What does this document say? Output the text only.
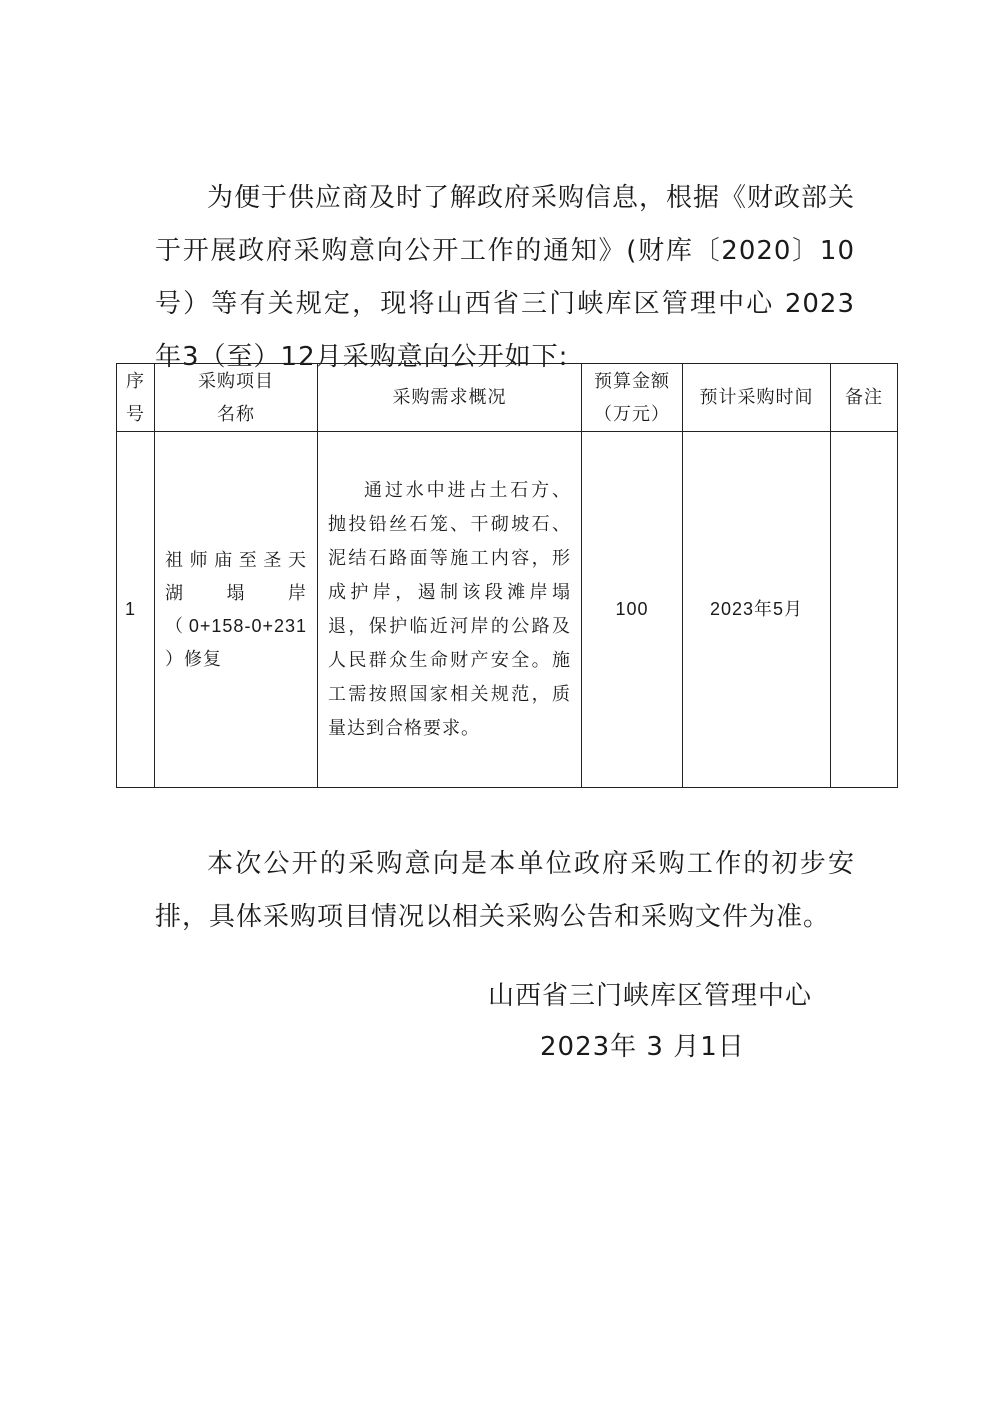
为便于供应商及时了解政府采购信息，根据《财政部关于开展政府采购意向公开工作的通知》(财库〔2020〕10号）等有关规定，现将山西省三门峡库区管理中心 2023年3（至）12月采购意向公开如下:

序号	采购项目名称	采购需求概况	预算金额（万元）	预计采购时间	备注
1	祖师庙至圣天
湖　塌　岸
（0+158-0+231
）修复	通过水中进占土石方、抛投铅丝石笼、干砌坡石、泥结石路面等施工内容，形成护岸，遏制该段滩岸塌退，保护临近河岸的公路及人民群众生命财产安全。施工需按照国家相关规范，质量达到合格要求。	100	2023年5月	

本次公开的采购意向是本单位政府采购工作的初步安排，具体采购项目情况以相关采购公告和采购文件为准。

山西省三门峡库区管理中心
2023年 3 月1日
